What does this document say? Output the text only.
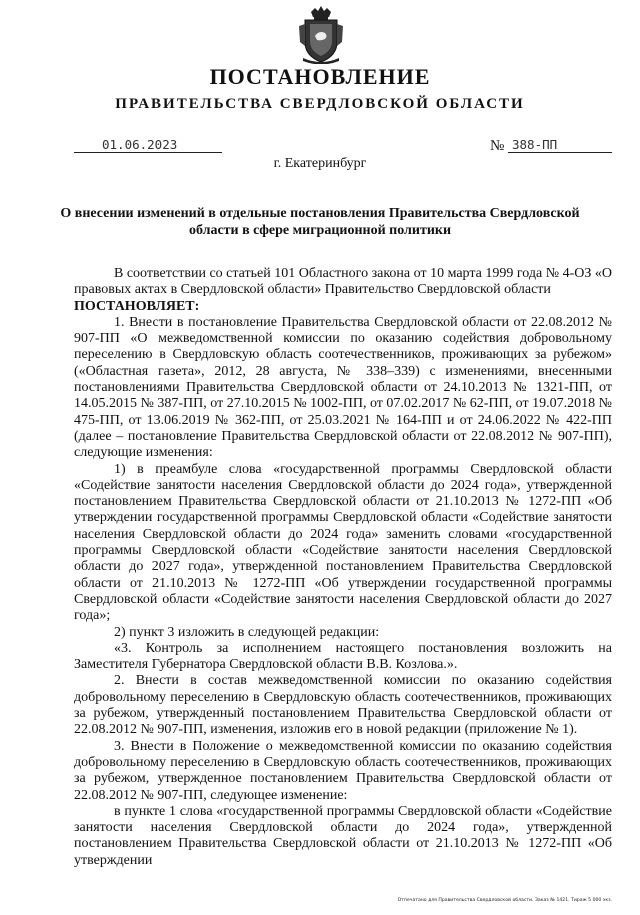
ПОСТАНОВЛЕНИЕ
ПРАВИТЕЛЬСТВА СВЕРДЛОВСКОЙ ОБЛАСТИ
01.06.2023	№ 388-ПП
г. Екатеринбург
О внесении изменений в отдельные постановления Правительства Свердловской области в сфере миграционной политики

В соответствии со статьей 101 Областного закона от 10 марта 1999 года № 4-ОЗ «О правовых актах в Свердловской области» Правительство Свердловской области

ПОСТАНОВЛЯЕТ:

1. Внести в постановление Правительства Свердловской области от 22.08.2012 № 907-ПП «О межведомственной комиссии по оказанию содействия добровольному переселению в Свердловскую область соотечественников, проживающих за рубежом» («Областная газета», 2012, 28 августа, № 338–339) с изменениями, внесенными постановлениями Правительства Свердловской области от 24.10.2013 № 1321-ПП, от 14.05.2015 № 387-ПП, от 27.10.2015 № 1002-ПП, от 07.02.2017 № 62-ПП, от 19.07.2018 № 475-ПП, от 13.06.2019 № 362-ПП, от 25.03.2021 № 164-ПП и от 24.06.2022 № 422-ПП (далее – постановление Правительства Свердловской области от 22.08.2012 № 907-ПП), следующие изменения:

1) в преамбуле слова «государственной программы Свердловской области «Содействие занятости населения Свердловской области до 2024 года», утвержденной постановлением Правительства Свердловской области от 21.10.2013 № 1272-ПП «Об утверждении государственной программы Свердловской области «Содействие занятости населения Свердловской области до 2024 года» заменить словами «государственной программы Свердловской области «Содействие занятости населения Свердловской области до 2027 года», утвержденной постановлением Правительства Свердловской области от 21.10.2013 № 1272-ПП «Об утверждении государственной программы Свердловской области «Содействие занятости населения Свердловской области до 2027 года»;

2) пункт 3 изложить в следующей редакции:

«3. Контроль за исполнением настоящего постановления возложить на Заместителя Губернатора Свердловской области В.В. Козлова.».

2. Внести в состав межведомственной комиссии по оказанию содействия добровольному переселению в Свердловскую область соотечественников, проживающих за рубежом, утвержденный постановлением Правительства Свердловской области от 22.08.2012 № 907-ПП, изменения, изложив его в новой редакции (приложение № 1).

3. Внести в Положение о межведомственной комиссии по оказанию содействия добровольному переселению в Свердловскую область соотечественников, проживающих за рубежом, утвержденное постановлением Правительства Свердловской области от 22.08.2012 № 907-ПП, следующее изменение:

в пункте 1 слова «государственной программы Свердловской области «Содействие занятости населения Свердловской области до 2024 года», утвержденной постановлением Правительства Свердловской области от 21.10.2013 № 1272-ПП «Об утверждении

Отпечатано для Правительства Свердловской области. Заказ № 1421. Тираж 5 000 экз.
